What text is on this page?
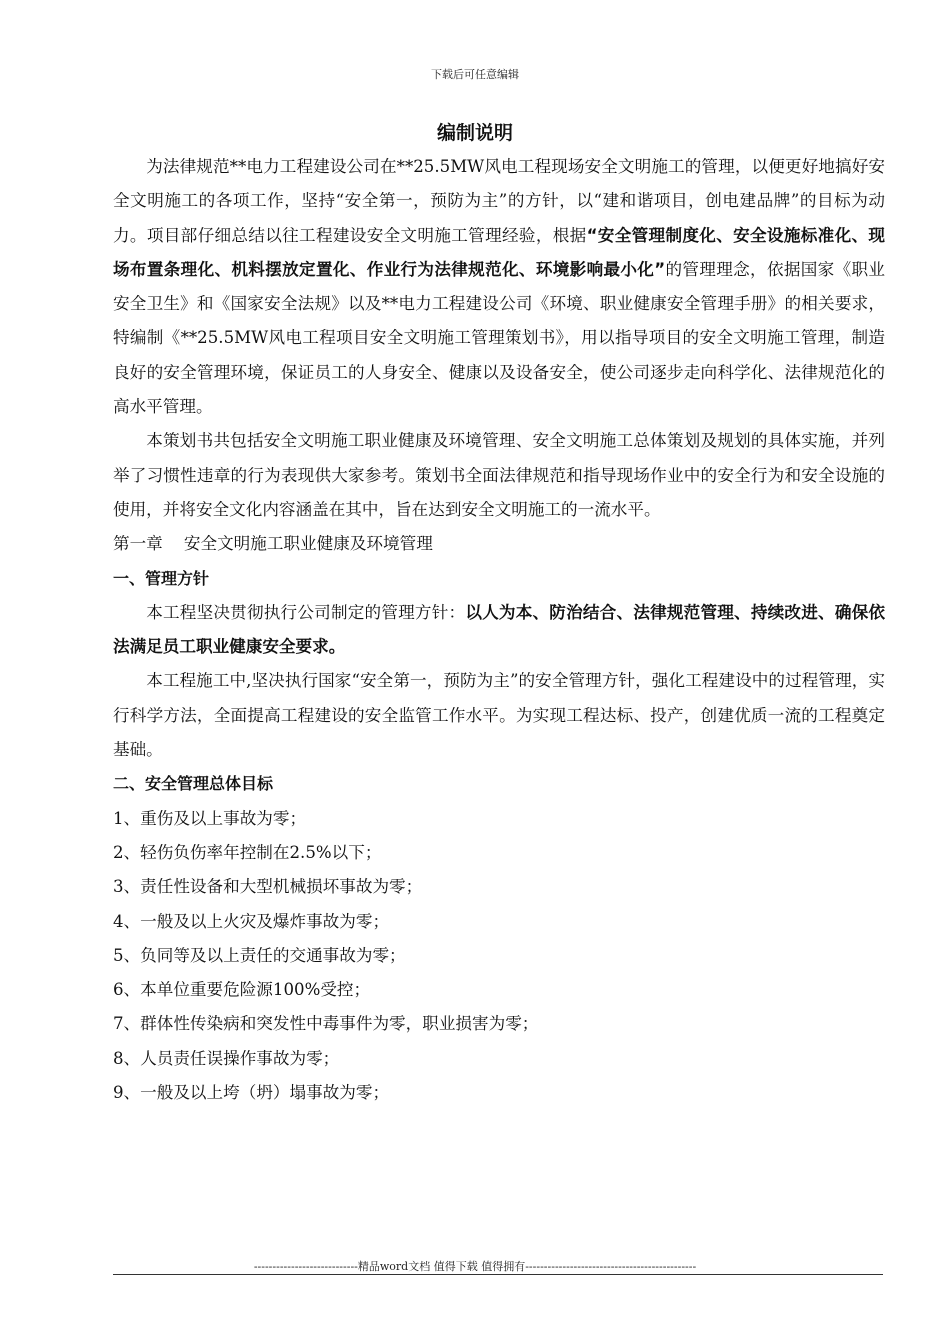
下载后可任意编辑
编制说明

为法律规范**电力工程建设公司在**25.5MW风电工程现场安全文明施工的管理，以便更好地搞好安全文明施工的各项工作，坚持“安全第一，预防为主”的方针，以“建和谐项目，创电建品牌”的目标为动力。项目部仔细总结以往工程建设安全文明施工管理经验，根据“安全管理制度化、安全设施标准化、现场布置条理化、机料摆放定置化、作业行为法律规范化、环境影响最小化”的管理理念，依据国家《职业安全卫生》和《国家安全法规》以及**电力工程建设公司《环境、职业健康安全管理手册》的相关要求，特编制《**25.5MW风电工程项目安全文明施工管理策划书》，用以指导项目的安全文明施工管理，制造良好的安全管理环境，保证员工的人身安全、健康以及设备安全，使公司逐步走向科学化、法律规范化的高水平管理。

本策划书共包括安全文明施工职业健康及环境管理、安全文明施工总体策划及规划的具体实施，并列举了习惯性违章的行为表现供大家参考。策划书全面法律规范和指导现场作业中的安全行为和安全设施的使用，并将安全文化内容涵盖在其中，旨在达到安全文明施工的一流水平。

第一章    安全文明施工职业健康及环境管理

一、管理方针

本工程坚决贯彻执行公司制定的管理方针：以人为本、防治结合、法律规范管理、持续改进、确保依法满足员工职业健康安全要求。

本工程施工中,坚决执行国家“安全第一，预防为主”的安全管理方针，强化工程建设中的过程管理，实行科学方法，全面提高工程建设的安全监管工作水平。为实现工程达标、投产，创建优质一流的工程奠定基础。

二、安全管理总体目标

1、重伤及以上事故为零；

2、轻伤负伤率年控制在2.5%以下；

3、责任性设备和大型机械损坏事故为零；

4、一般及以上火灾及爆炸事故为零；

5、负同等及以上责任的交通事故为零；

6、本单位重要危险源100%受控；

7、群体性传染病和突发性中毒事件为零，职业损害为零；

8、人员责任误操作事故为零；

9、一般及以上垮（坍）塌事故为零；

----------------------------精品word文档 值得下载 值得拥有----------------------------------------------
